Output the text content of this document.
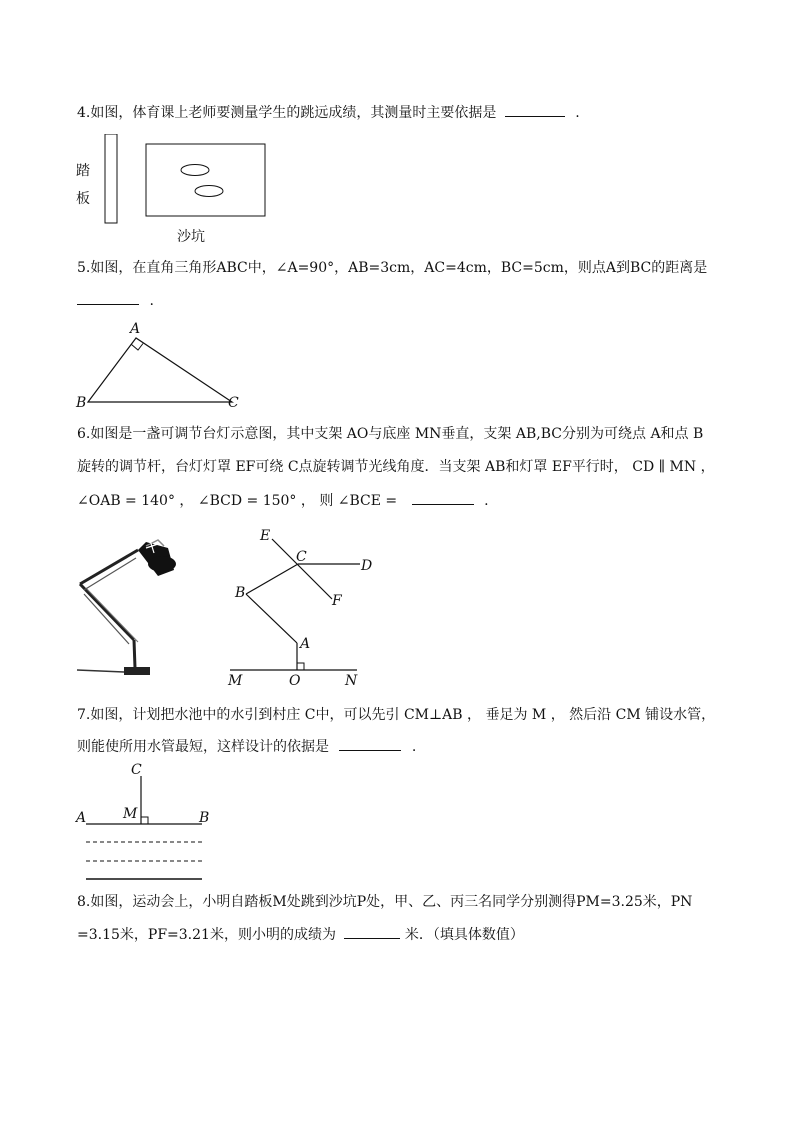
4.如图，体育课上老师要测量学生的跳远成绩，其测量时主要依据是	.
踏
板
沙坑
5.如图，在直角三角形ABC中，∠A=90°，AB=3cm，AC=4cm，BC=5cm，则点A到BC的距离是
.
A
B	C
6.如图是一盏可调节台灯示意图，其中支架 AO与底座 MN垂直，支架 AB,BC分别为可绕点 A和点 B
旋转的调节杆，台灯灯罩 EF可绕 C点旋转调节光线角度．当支架 AB和灯罩 EF平行时， CD ∥ MN ，
∠OAB = 140° ， ∠BCD = 150° ， 则 ∠BCE =	.
E
C
D
B	F
A
M	O	N
7.如图，计划把水池中的水引到村庄 C中，可以先引 CM⊥AB ， 垂足为 M ， 然后沿 CM 铺设水管，
则能使所用水管最短，这样设计的依据是	.
C
A	M	B
8.如图，运动会上，小明自踏板M处跳到沙坑P处，甲、乙、丙三名同学分别测得PM=3.25米，PN
=3.15米，PF=3.21米，则小明的成绩为	米．（填具体数值）
